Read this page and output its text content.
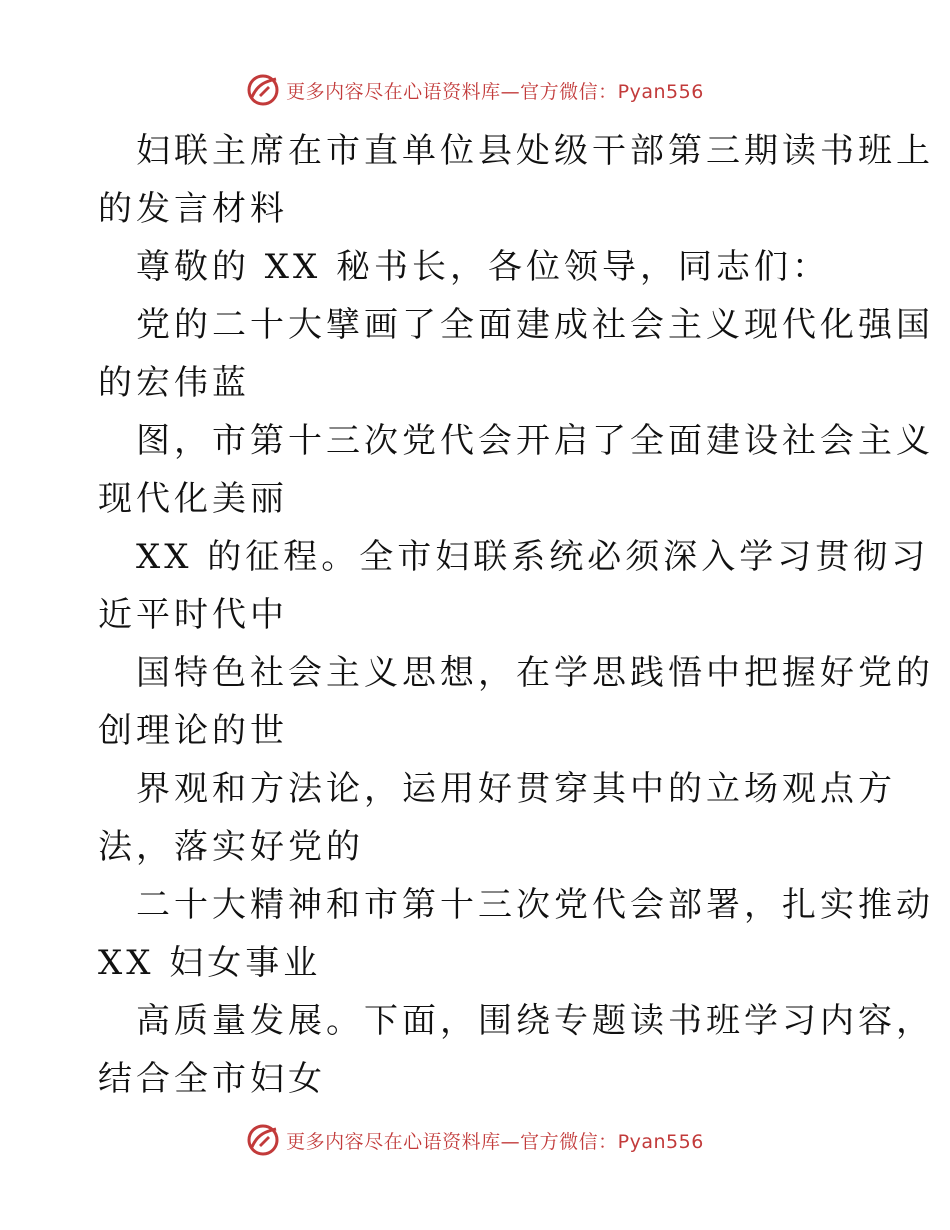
更多内容尽在心语资料库—官方微信：Pyan556
妇联主席在市直单位县处级干部第三期读书班上
的发言材料
尊敬的 XX 秘书长，各位领导，同志们：
党的二十大擘画了全面建成社会主义现代化强国
的宏伟蓝
图，市第十三次党代会开启了全面建设社会主义
现代化美丽
XX 的征程。全市妇联系统必须深入学习贯彻习
近平时代中
国特色社会主义思想，在学思践悟中把握好党的
创理论的世
界观和方法论，运用好贯穿其中的立场观点方
法，落实好党的
二十大精神和市第十三次党代会部署，扎实推动
XX 妇女事业
高质量发展。下面，围绕专题读书班学习内容，
结合全市妇女
更多内容尽在心语资料库—官方微信：Pyan556
